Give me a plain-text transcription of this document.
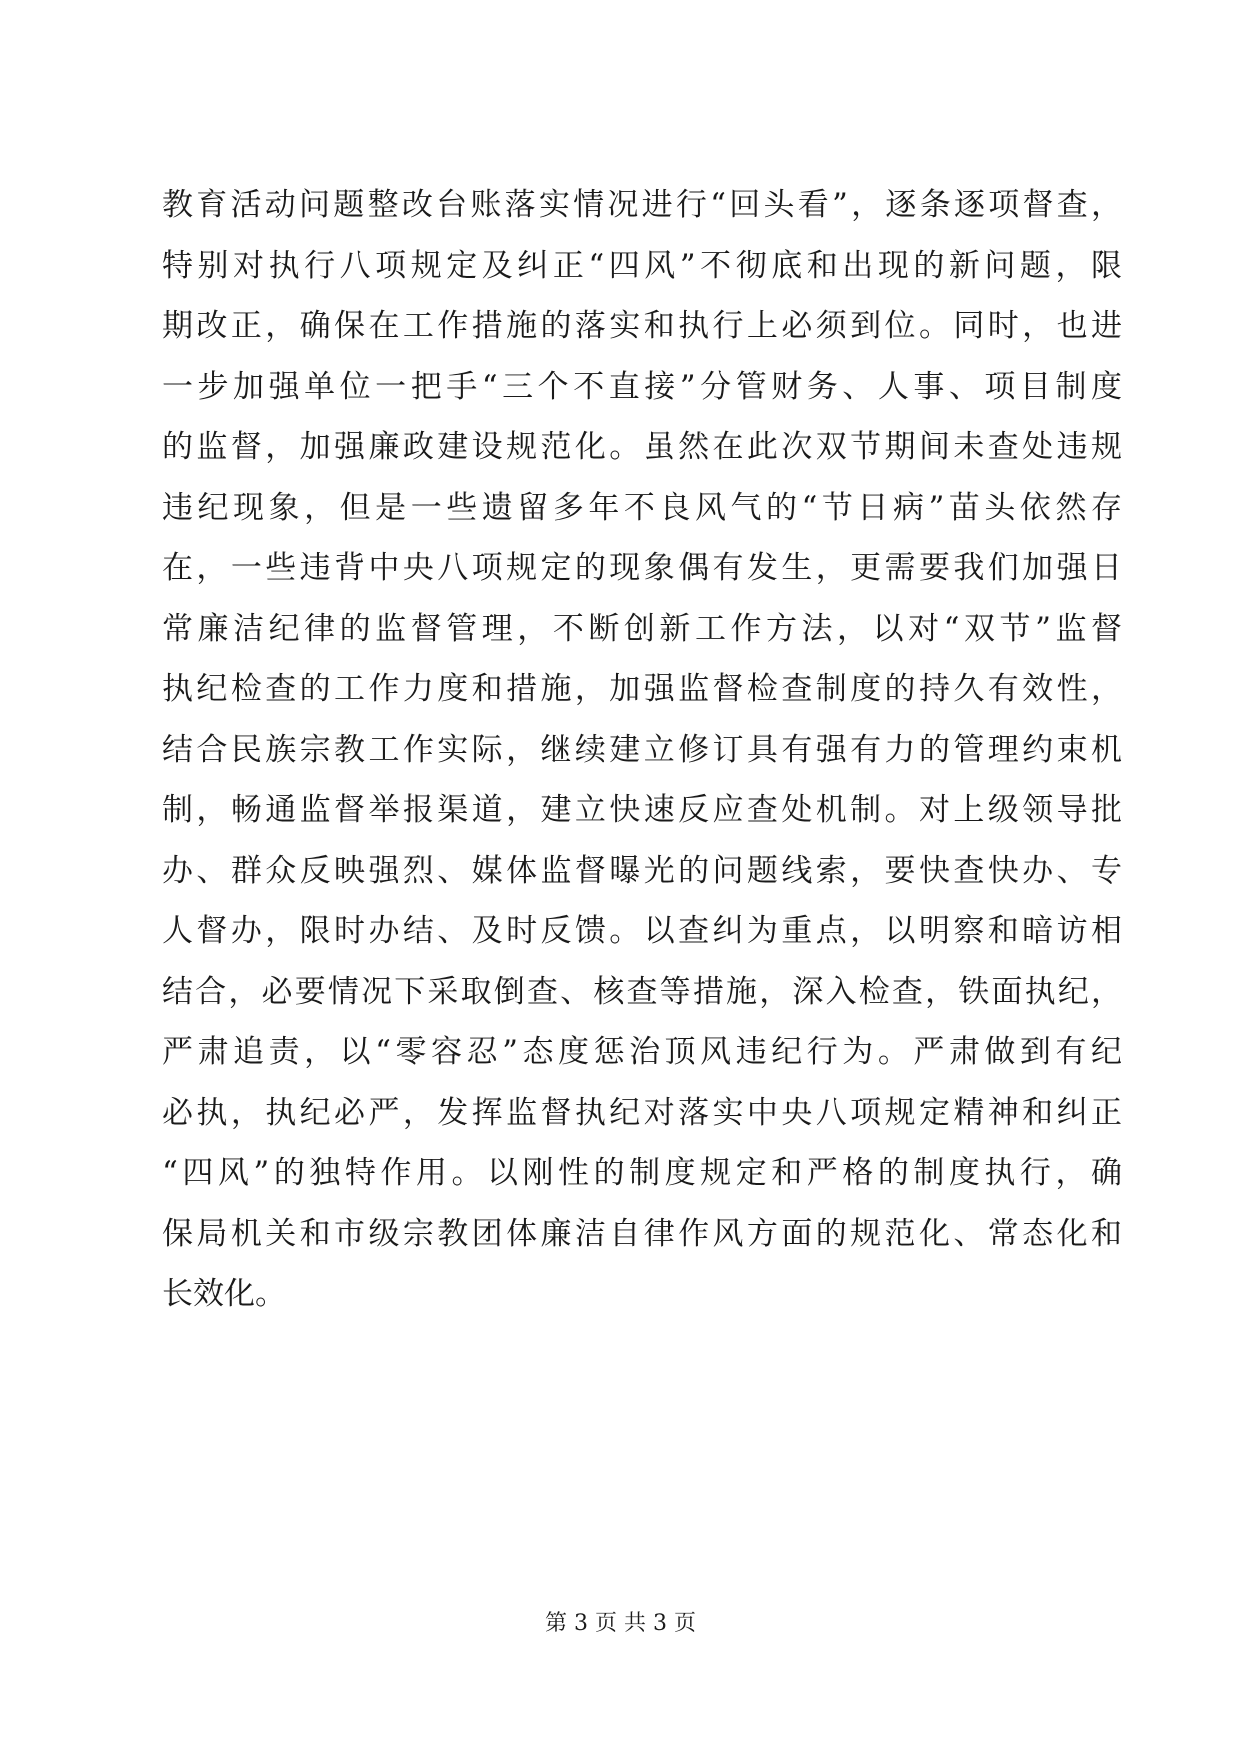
教育活动问题整改台账落实情况进行“回头看”，逐条逐项督查，
特别对执行八项规定及纠正“四风”不彻底和出现的新问题，限
期改正，确保在工作措施的落实和执行上必须到位。同时，也进
一步加强单位一把手“三个不直接”分管财务、人事、项目制度
的监督，加强廉政建设规范化。虽然在此次双节期间未查处违规
违纪现象，但是一些遗留多年不良风气的“节日病”苗头依然存
在，一些违背中央八项规定的现象偶有发生，更需要我们加强日
常廉洁纪律的监督管理，不断创新工作方法，以对“双节”监督
执纪检查的工作力度和措施，加强监督检查制度的持久有效性，
结合民族宗教工作实际，继续建立修订具有强有力的管理约束机
制，畅通监督举报渠道，建立快速反应查处机制。对上级领导批
办、群众反映强烈、媒体监督曝光的问题线索，要快查快办、专
人督办，限时办结、及时反馈。以查纠为重点，以明察和暗访相
结合，必要情况下采取倒查、核查等措施，深入检查，铁面执纪，
严肃追责，以“零容忍”态度惩治顶风违纪行为。严肃做到有纪
必执，执纪必严，发挥监督执纪对落实中央八项规定精神和纠正
“四风”的独特作用。以刚性的制度规定和严格的制度执行，确
保局机关和市级宗教团体廉洁自律作风方面的规范化、常态化和
长效化。
第 3 页 共 3 页
